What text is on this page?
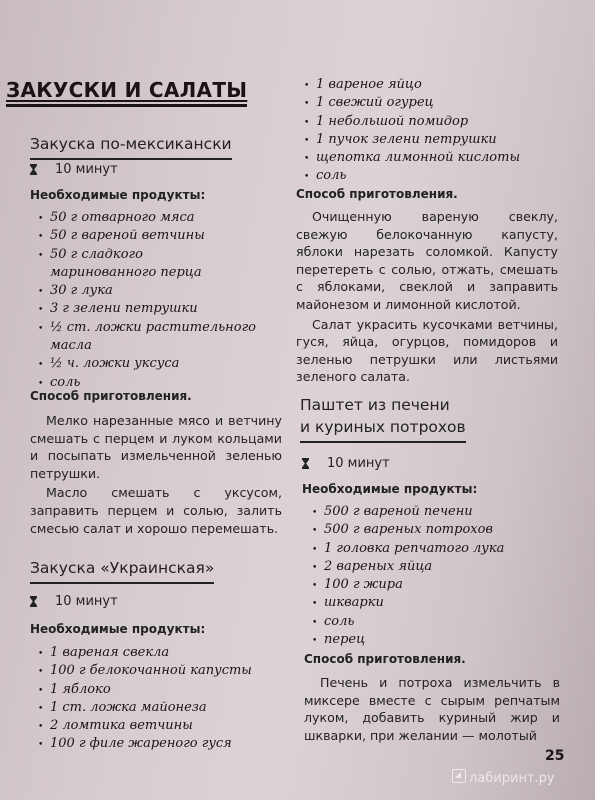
ЗАКУСКИ И САЛАТЫ
Закуска по-мексикански
10 минут
Необходимые продукты:
• 50 г отварного мяса
• 50 г вареной ветчины
• 50 г сладкого маринованного перца
• 30 г лука
• 3 г зелени петрушки
• ½ ст. ложки растительного масла
• ½ ч. ложки уксуса
• соль
Способ приготовления.

Мелко нарезанные мясо и ветчину смешать с перцем и луком кольцами и посыпать измельченной зеленью петрушки.

Масло смешать с уксусом, заправить перцем и солью, залить смесью салат и хорошо перемешать.

Закуска «Украинская»
10 минут
Необходимые продукты:
• 1 вареная свекла
• 100 г белокочанной капусты
• 1 яблоко
• 1 ст. ложка майонеза
• 2 ломтика ветчины
• 100 г филе жареного гуся
• 1 вареное яйцо
• 1 свежий огурец
• 1 небольшой помидор
• 1 пучок зелени петрушки
• щепотка лимонной кислоты
• соль
Способ приготовления.

Очищенную вареную свеклу, свежую белокочанную капусту, яблоки нарезать соломкой. Капусту перетереть с солью, отжать, смешать с яблоками, свеклой и заправить майонезом и лимонной кислотой.

Салат украсить кусочками ветчины, гуся, яйца, огурцов, помидоров и зеленью петрушки или листьями зеленого салата.

Паштет из печени
и куриных потрохов
10 минут
Необходимые продукты:
• 500 г вареной печени
• 500 г вареных потрохов
• 1 головка репчатого лука
• 2 вареных яйца
• 100 г жира
• шкварки
• соль
• перец
Способ приготовления.

Печень и потроха измельчить в миксере вместе с сырым репчатым луком, добавить куриный жир и шкварки, при желании — молотый

25
лабиринт.ру
